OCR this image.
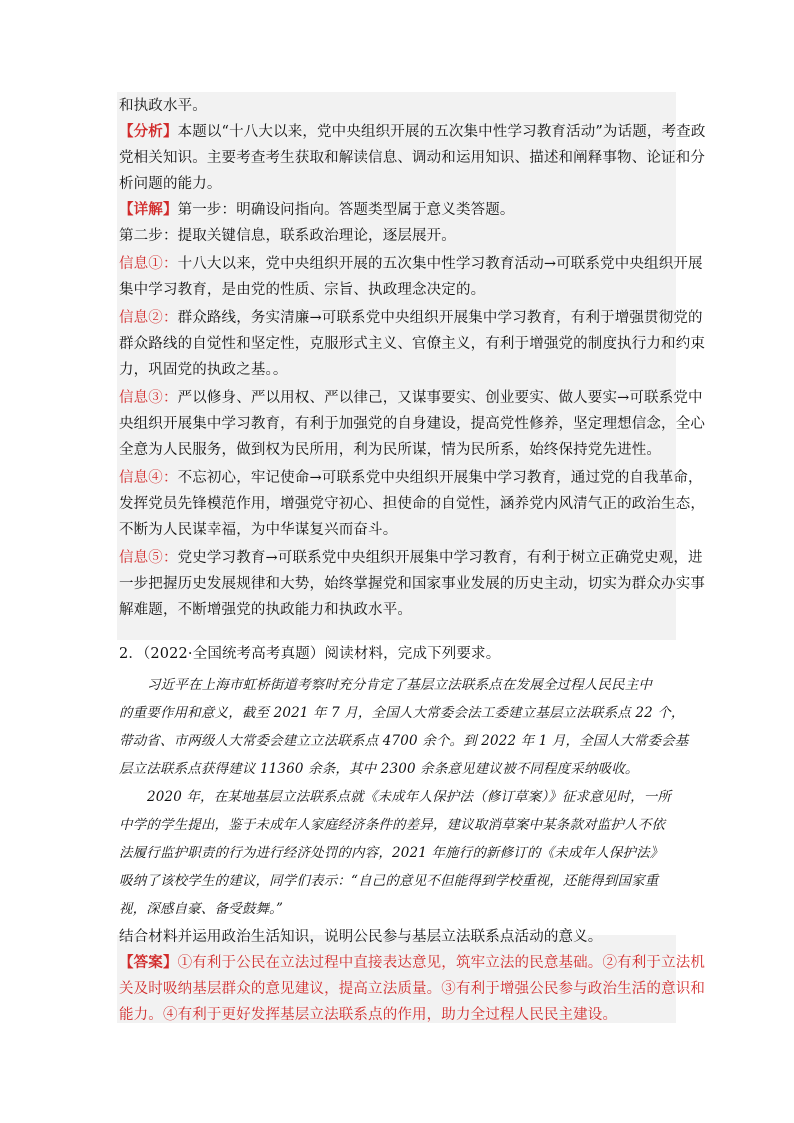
和执政水平。
【分析】本题以“十八大以来，党中央组织开展的五次集中性学习教育活动”为话题，考查政
党相关知识。主要考查考生获取和解读信息、调动和运用知识、描述和阐释事物、论证和分
析问题的能力。
【详解】第一步：明确设问指向。答题类型属于意义类答题。
第二步：提取关键信息，联系政治理论，逐层展开。
信息①：十八大以来，党中央组织开展的五次集中性学习教育活动→可联系党中央组织开展
集中学习教育，是由党的性质、宗旨、执政理念决定的。
信息②：群众路线，务实清廉→可联系党中央组织开展集中学习教育，有利于增强贯彻党的
群众路线的自觉性和坚定性，克服形式主义、官僚主义，有利于增强党的制度执行力和约束
力，巩固党的执政之基。。
信息③：严以修身、严以用权、严以律己，又谋事要实、创业要实、做人要实→可联系党中
央组织开展集中学习教育，有利于加强党的自身建设，提高党性修养，坚定理想信念，全心
全意为人民服务，做到权为民所用，利为民所谋，情为民所系，始终保持党先进性。
信息④：不忘初心，牢记使命→可联系党中央组织开展集中学习教育，通过党的自我革命，
发挥党员先锋模范作用，增强党守初心、担使命的自觉性，涵养党内风清气正的政治生态，
不断为人民谋幸福，为中华谋复兴而奋斗。
信息⑤：党史学习教育→可联系党中央组织开展集中学习教育，有利于树立正确党史观，进
一步把握历史发展规律和大势，始终掌握党和国家事业发展的历史主动，切实为群众办实事
解难题，不断增强党的执政能力和执政水平。
2．（2022·全国统考高考真题）阅读材料，完成下列要求。
习近平在上海市虹桥街道考察时充分肯定了基层立法联系点在发展全过程人民民主中
的重要作用和意义，截至 2021 年 7 月，全国人大常委会法工委建立基层立法联系点 22 个，
带动省、市两级人大常委会建立立法联系点 4700 余个。到 2022 年 1 月，全国人大常委会基
层立法联系点获得建议 11360 余条，其中 2300 余条意见建议被不同程度采纳吸收。
2020 年，在某地基层立法联系点就《未成年人保护法（修订草案）》征求意见时，一所
中学的学生提出，鉴于未成年人家庭经济条件的差异，建议取消草案中某条款对监护人不依
法履行监护职责的行为进行经济处罚的内容，2021 年施行的新修订的《未成年人保护法》
吸纳了该校学生的建议，同学们表示：“自己的意见不但能得到学校重视，还能得到国家重
视，深感自豪、备受鼓舞。”
结合材料并运用政治生活知识，说明公民参与基层立法联系点活动的意义。
【答案】①有利于公民在立法过程中直接表达意见，筑牢立法的民意基础。②有利于立法机
关及时吸纳基层群众的意见建议，提高立法质量。③有利于增强公民参与政治生活的意识和
能力。④有利于更好发挥基层立法联系点的作用，助力全过程人民民主建设。
